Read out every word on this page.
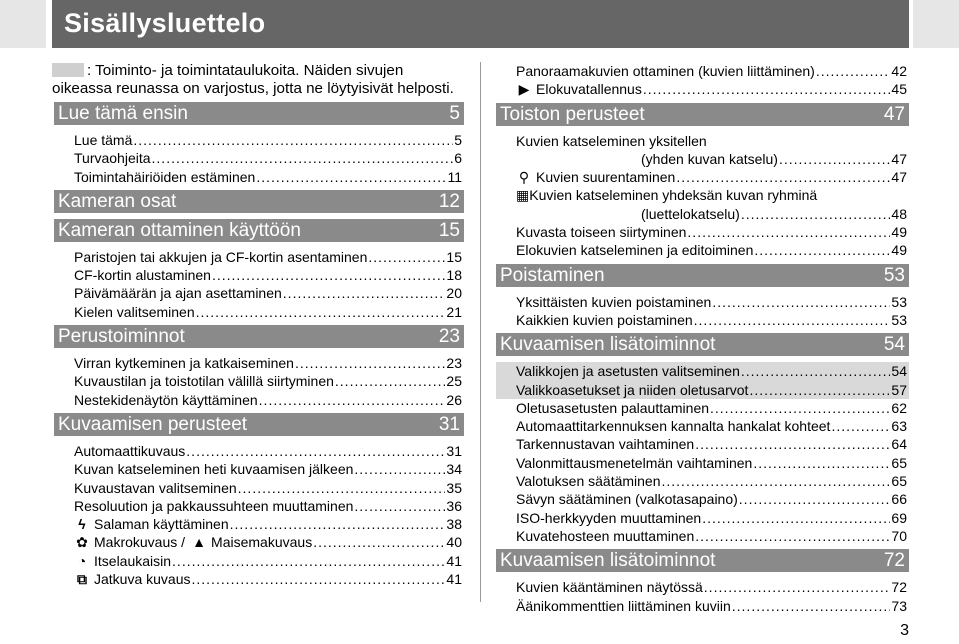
Sisällysluettelo
: Toiminto- ja toimintataulukoita. Näiden sivujen oikeassa reunassa on varjostus, jotta ne löytyisivät helposti.
Lue tämä ensin	5
Lue tämä .....	5
Turvaohjeita .....	6
Toimintahäiriöiden estäminen .....	11
Kameran osat	12
Kameran ottaminen käyttöön	15
Paristojen tai akkujen ja CF-kortin asentaminen .....	15
CF-kortin alustaminen .....	18
Päivämäärän ja ajan asettaminen .....	20
Kielen valitseminen .....	21
Perustoiminnot	23
Virran kytkeminen ja katkaiseminen .....	23
Kuvaustilan ja toistotilan välillä siirtyminen .....	25
Nestekidenäytön käyttäminen .....	26
Kuvaamisen perusteet	31
Automaattikuvaus .....	31
Kuvan katseleminen heti kuvaamisen jälkeen .....	34
Kuvaustavan valitseminen .....	35
Resoluution ja pakkaussuhteen muuttaminen .....	36
ϟ Salaman käyttäminen .....	38
✿ Makrokuvaus / ▲ Maisemakuvaus .....	40
◔ Itselaukaisin .....	41
⧉ Jatkuva kuvaus .....	41
Panoraamakuvien ottaminen (kuvien liittäminen) .....	42
▶ Elokuvatallennus .....	45
Toiston perusteet	47
Kuvien katseleminen yksitellen
(yhden kuvan katselu) .....	47
⚲ Kuvien suurentaminen .....	47
▦Kuvien katseleminen yhdeksän kuvan ryhminä
(luettelokatselu) .....	48
Kuvasta toiseen siirtyminen .....	49
Elokuvien katseleminen ja editoiminen .....	49
Poistaminen	53
Yksittäisten kuvien poistaminen .....	53
Kaikkien kuvien poistaminen .....	53
Kuvaamisen lisätoiminnot	54
Valikkojen ja asetusten valitseminen .....	54
Valikkoasetukset ja niiden oletusarvot .....	57
Oletusasetusten palauttaminen .....	62
Automaattitarkennuksen kannalta hankalat kohteet .....	63
Tarkennustavan vaihtaminen .....	64
Valonmittausmenetelmän vaihtaminen .....	65
Valotuksen säätäminen .....	65
Sävyn säätäminen (valkotasapaino) .....	66
ISO-herkkyyden muuttaminen .....	69
Kuvatehosteen muuttaminen .....	70
Kuvaamisen lisätoiminnot	72
Kuvien kääntäminen näytössä .....	72
Äänikommenttien liittäminen kuviin .....	73
3
